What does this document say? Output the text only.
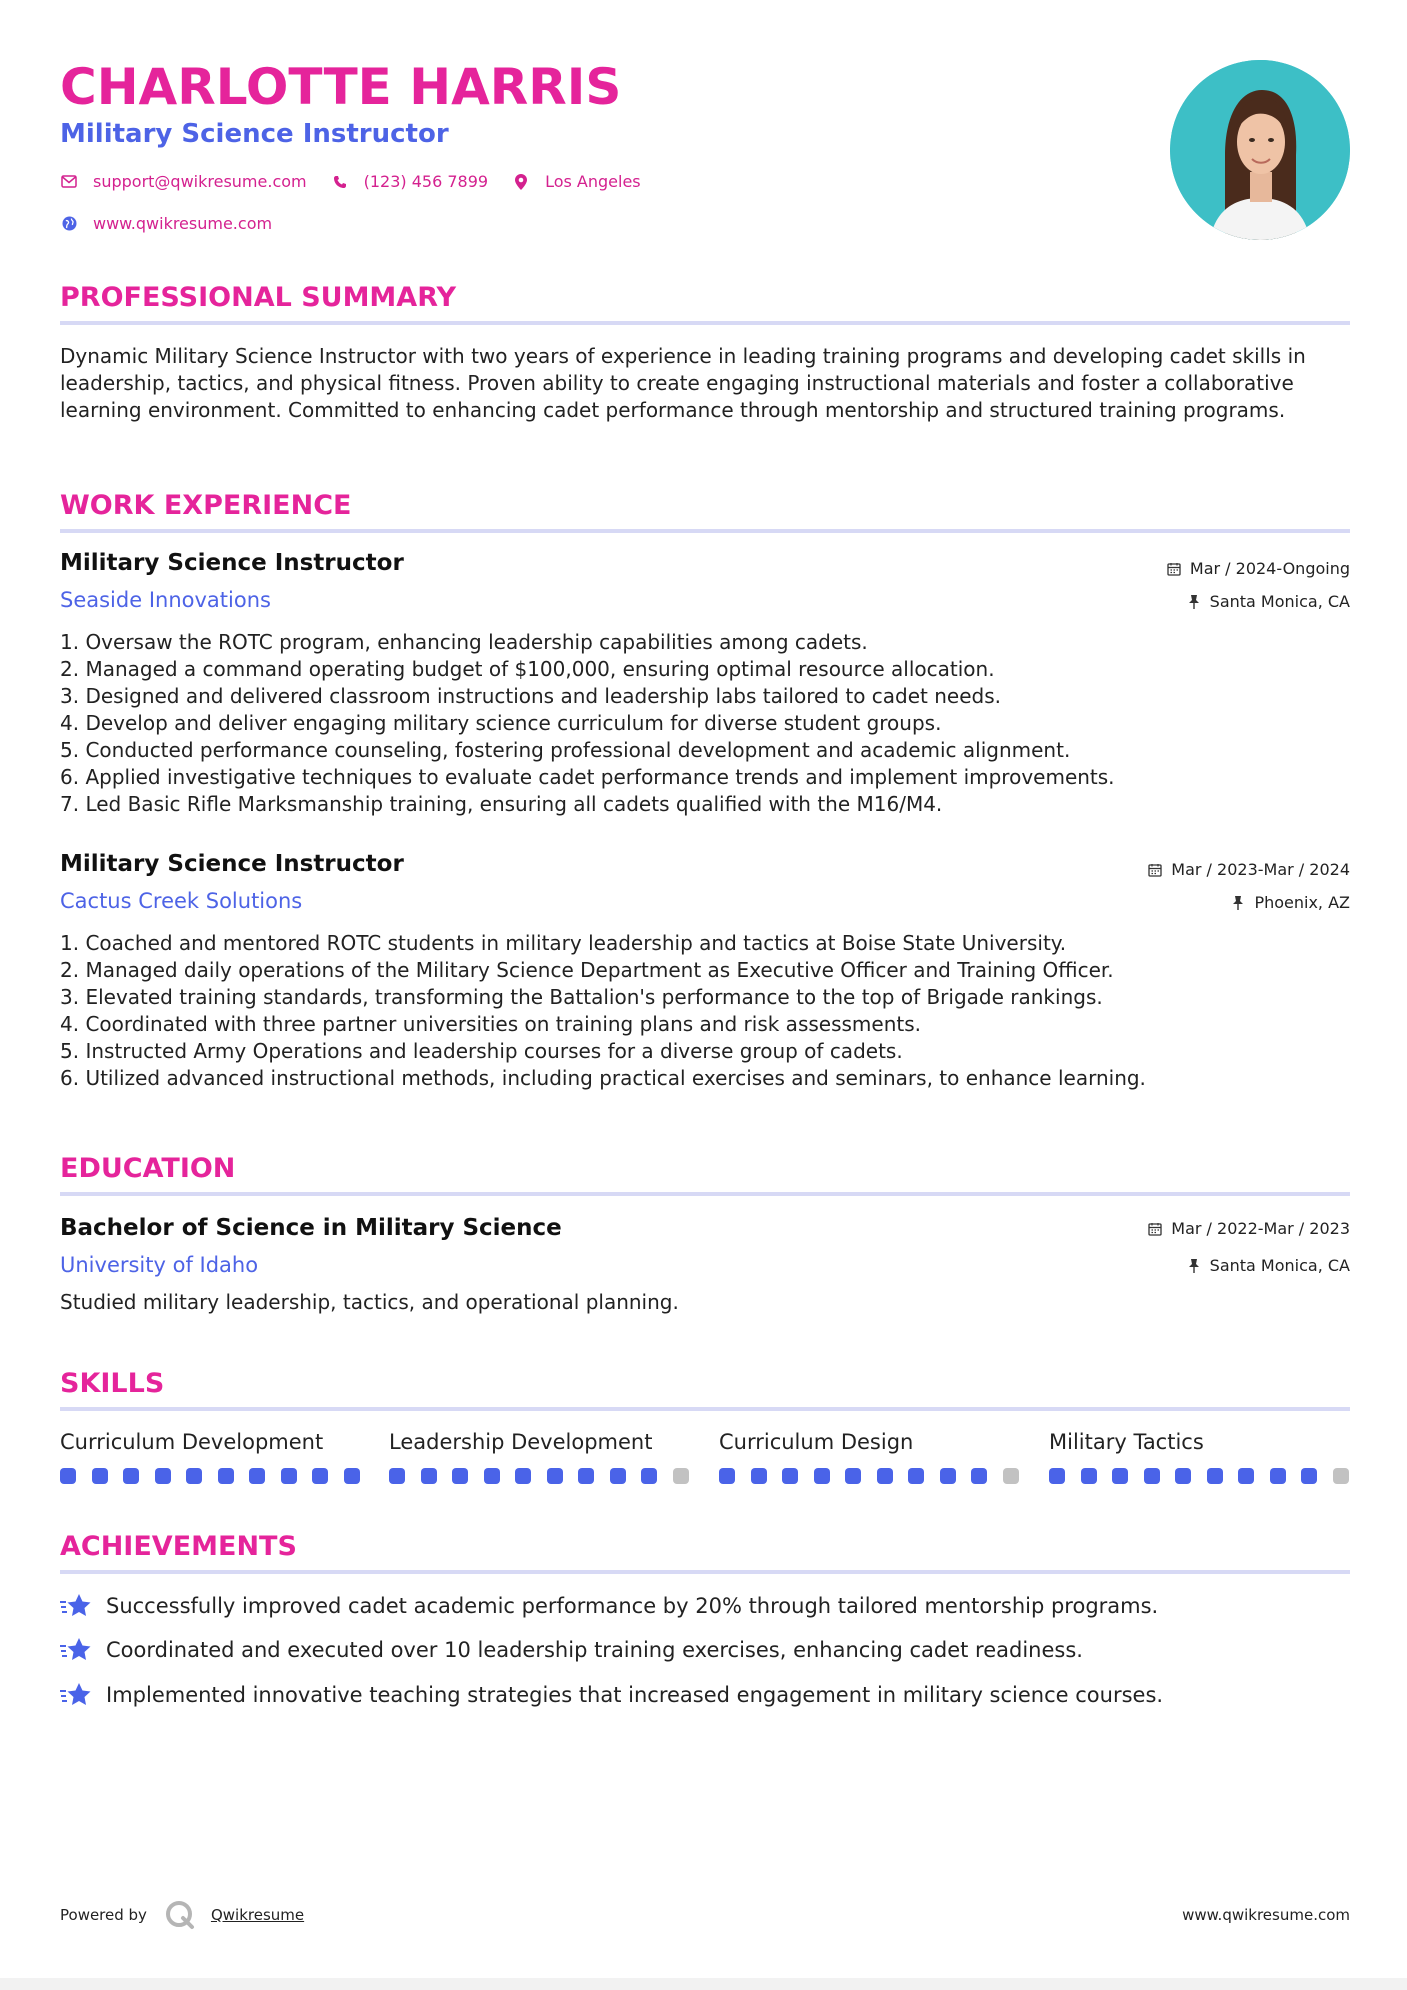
CHARLOTTE HARRIS
Military Science Instructor
support@qwikresume.com	(123) 456 7899	Los Angeles
www.qwikresume.com
PROFESSIONAL SUMMARY

Dynamic Military Science Instructor with two years of experience in leading training programs and developing cadet skills in leadership, tactics, and physical fitness. Proven ability to create engaging instructional materials and foster a collaborative learning environment. Committed to enhancing cadet performance through mentorship and structured training programs.

WORK EXPERIENCE
Military Science Instructor

Seaside Innovations

Mar / 2024-Ongoing
Santa Monica, CA
1. Oversaw the ROTC program, enhancing leadership capabilities among cadets.
2. Managed a command operating budget of $100,000, ensuring optimal resource allocation.
3. Designed and delivered classroom instructions and leadership labs tailored to cadet needs.
4. Develop and deliver engaging military science curriculum for diverse student groups.
5. Conducted performance counseling, fostering professional development and academic alignment.
6. Applied investigative techniques to evaluate cadet performance trends and implement improvements.
7. Led Basic Rifle Marksmanship training, ensuring all cadets qualified with the M16/M4.
Military Science Instructor

Cactus Creek Solutions

Mar / 2023-Mar / 2024
Phoenix, AZ
1. Coached and mentored ROTC students in military leadership and tactics at Boise State University.
2. Managed daily operations of the Military Science Department as Executive Officer and Training Officer.
3. Elevated training standards, transforming the Battalion's performance to the top of Brigade rankings.
4. Coordinated with three partner universities on training plans and risk assessments.
5. Instructed Army Operations and leadership courses for a diverse group of cadets.
6. Utilized advanced instructional methods, including practical exercises and seminars, to enhance learning.
EDUCATION
Bachelor of Science in Military Science

University of Idaho

Mar / 2022-Mar / 2023
Santa Monica, CA

Studied military leadership, tactics, and operational planning.

SKILLS

Curriculum Development	Leadership Development	Curriculum Design	Military Tactics

ACHIEVEMENTS
Successfully improved cadet academic performance by 20% through tailored mentorship programs.
Coordinated and executed over 10 leadership training exercises, enhancing cadet readiness.
Implemented innovative teaching strategies that increased engagement in military science courses.
Powered by	Qwikresume	www.qwikresume.com
